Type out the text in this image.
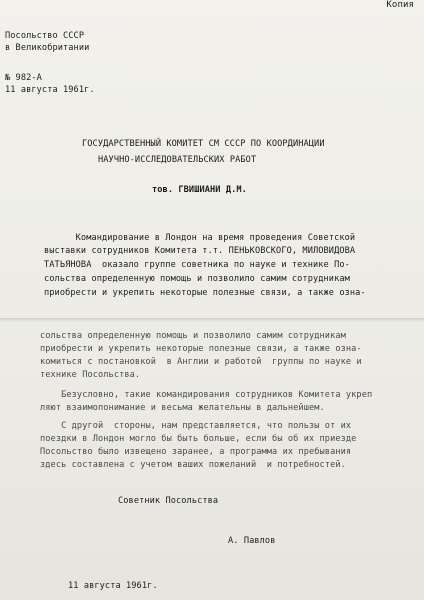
Копия
Посольство СССР
в Великобритании
№ 982-А
11 августа 1961г.
ГОСУДАРСТВЕННЫЙ КОМИТЕТ СМ СССР ПО КООРДИНАЦИИ
НАУЧНО-ИССЛЕДОВАТЕЛЬСКИХ РАБОТ
тов. ГВИШИАНИ Д.М.
Командирование в Лондон на время проведения Советской
выставки сотрудников Комитета т.т. ПЕНЬКОВСКОГО, МИЛОВИДОВА
ТАТЬЯНОВА  оказало группе советника по науке и технике По-
сольства определенную помощь и позволило самим сотрудникам
приобрести и укрепить некоторые полезные связи, а также озна-
сольства определенную помощь и позволило самим сотрудникам
приобрести и укрепить некоторые полезные связи, а также озна-
комиться с постановкой  в Англии и работой  группы по науке и
технике Посольства.
Безусловно, такие командирования сотрудников Комитета укреп
ляют взаимопонимание и весьма желательны в дальнейшем.
С другой  стороны, нам представляется, что пользы от их
поездки в Лондон могло бы быть больше, если бы об их приезде
Посольство было извещено заранее, а программа их пребывания
здесь составлена с учетом ваших пожеланий  и потребностей.
Советник Посольства
А. Павлов
11 августа 1961г.
